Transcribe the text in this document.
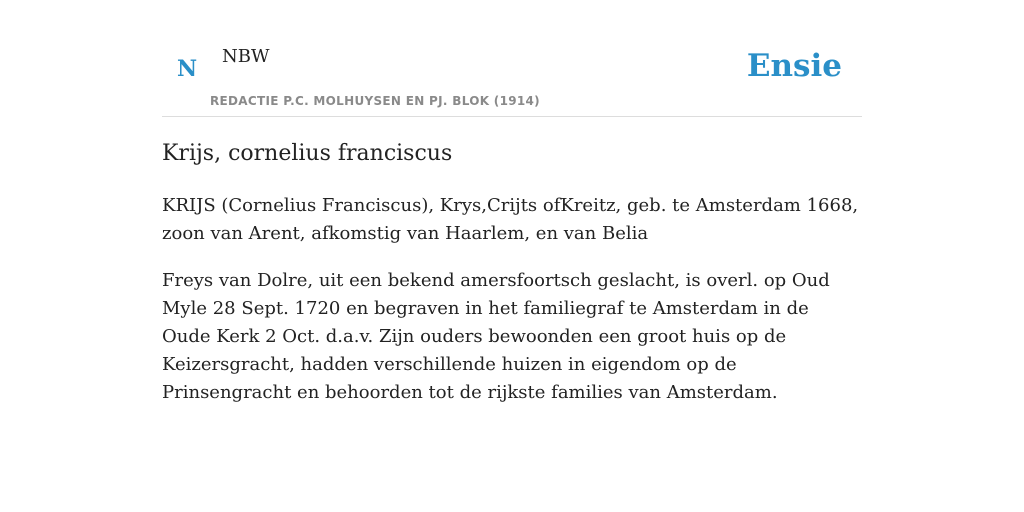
N NBW
REDACTIE P.C. MOLHUYSEN EN PJ. BLOK (1914)
Ensie
Krijs, cornelius franciscus

KRIJS (Cornelius Franciscus), Krys,Crijts ofKreitz, geb. te Amsterdam 1668, zoon van Arent, afkomstig van Haarlem, en van Belia

Freys van Dolre, uit een bekend amersfoortsch geslacht, is overl. op Oud Myle 28 Sept. 1720 en begraven in het familiegraf te Amsterdam in de Oude Kerk 2 Oct. d.a.v. Zijn ouders bewoonden een groot huis op de Keizersgracht, hadden verschillende huizen in eigendom op de Prinsengracht en behoorden tot de rijkste families van Amsterdam.
